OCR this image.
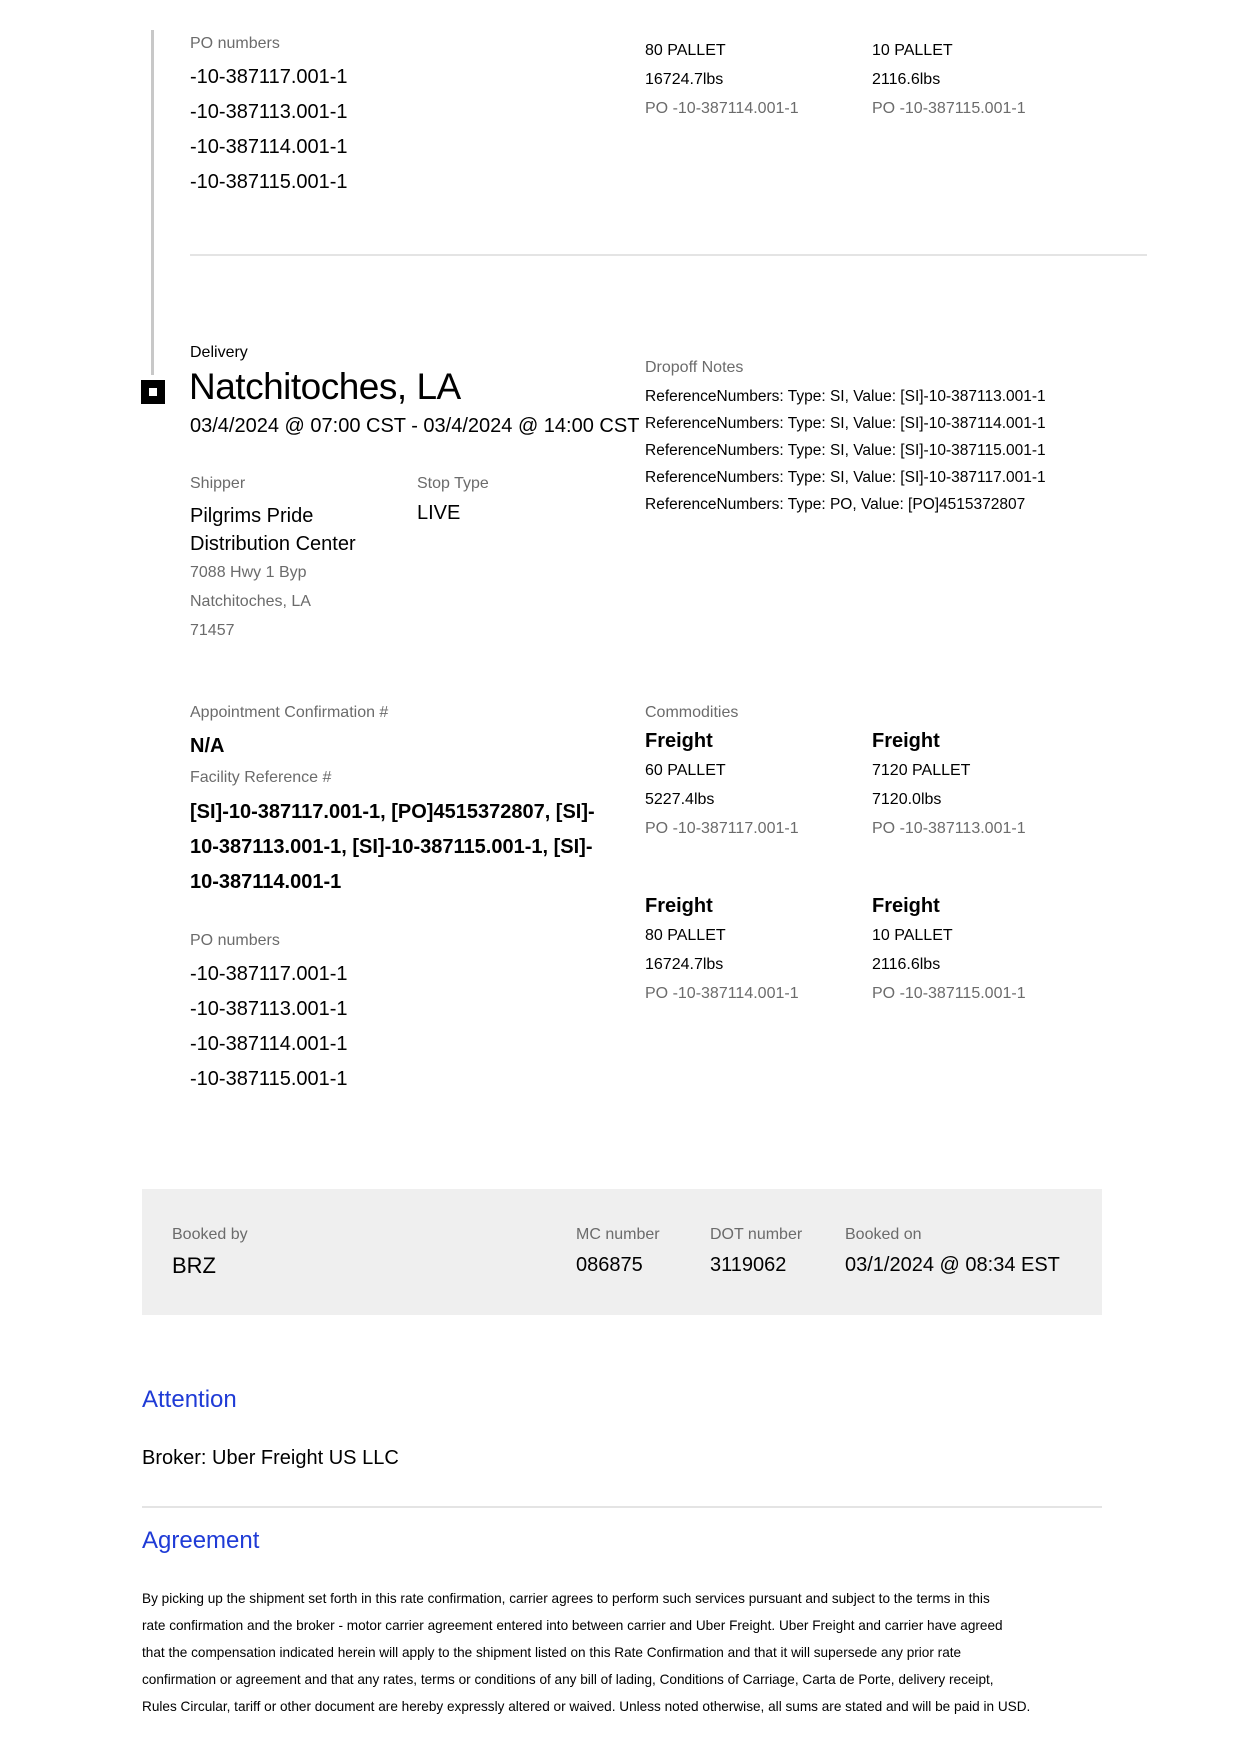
PO numbers
-10-387117.001-1
-10-387113.001-1
-10-387114.001-1
-10-387115.001-1
80 PALLET
16724.7lbs
PO -10-387114.001-1
10 PALLET
2116.6lbs
PO -10-387115.001-1
Delivery
Natchitoches, LA
03/4/2024 @ 07:00 CST - 03/4/2024 @ 14:00 CST
Shipper
Pilgrims Pride
Distribution Center
7088 Hwy 1 Byp
Natchitoches, LA
71457
Stop Type
LIVE
Dropoff Notes
ReferenceNumbers: Type: SI, Value: [SI]-10-387113.001-1
ReferenceNumbers: Type: SI, Value: [SI]-10-387114.001-1
ReferenceNumbers: Type: SI, Value: [SI]-10-387115.001-1
ReferenceNumbers: Type: SI, Value: [SI]-10-387117.001-1
ReferenceNumbers: Type: PO, Value: [PO]4515372807
Appointment Confirmation #
N/A
Facility Reference #
[SI]-10-387117.001-1, [PO]4515372807, [SI]-
10-387113.001-1, [SI]-10-387115.001-1, [SI]-
10-387114.001-1
PO numbers
-10-387117.001-1
-10-387113.001-1
-10-387114.001-1
-10-387115.001-1
Commodities
Freight
60 PALLET
5227.4lbs
PO -10-387117.001-1
Freight
7120 PALLET
7120.0lbs
PO -10-387113.001-1
Freight
80 PALLET
16724.7lbs
PO -10-387114.001-1
Freight
10 PALLET
2116.6lbs
PO -10-387115.001-1
Booked by
BRZ
MC number
086875
DOT number
3119062
Booked on
03/1/2024 @ 08:34 EST
Attention
Broker: Uber Freight US LLC
Agreement
By picking up the shipment set forth in this rate confirmation, carrier agrees to perform such services pursuant and subject to the terms in this
rate confirmation and the broker - motor carrier agreement entered into between carrier and Uber Freight. Uber Freight and carrier have agreed
that the compensation indicated herein will apply to the shipment listed on this Rate Confirmation and that it will supersede any prior rate
confirmation or agreement and that any rates, terms or conditions of any bill of lading, Conditions of Carriage, Carta de Porte, delivery receipt,
Rules Circular, tariff or other document are hereby expressly altered or waived. Unless noted otherwise, all sums are stated and will be paid in USD.
